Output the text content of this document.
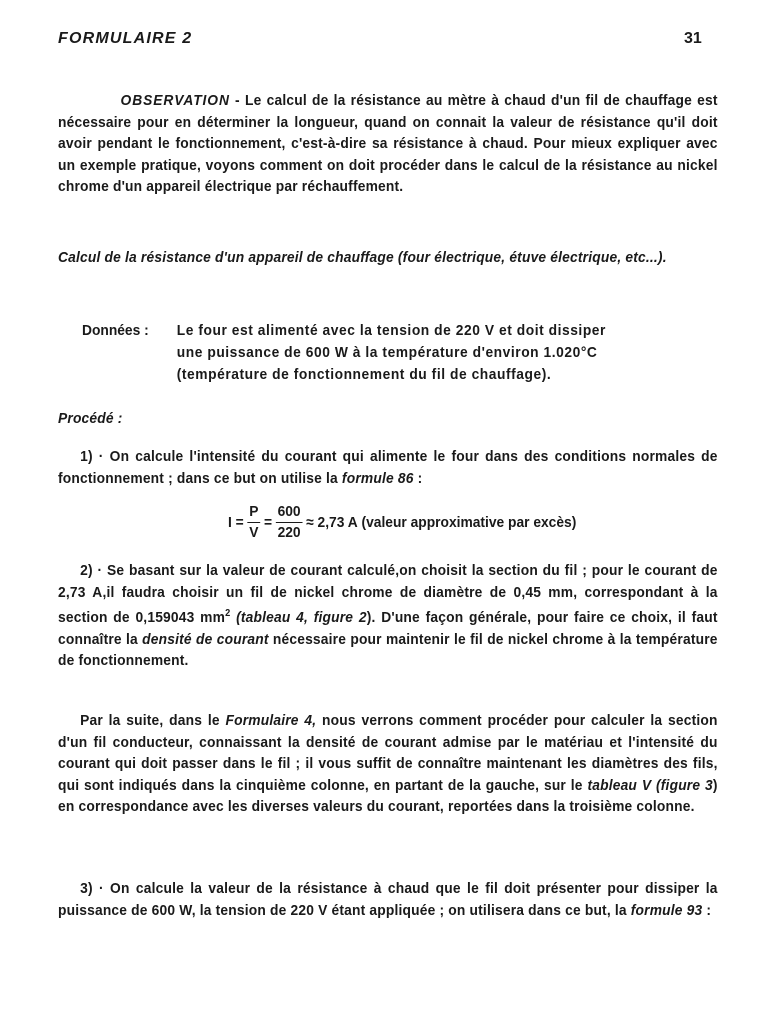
FORMULAIRE 2	31
OBSERVATION - Le calcul de la résistance au mètre à chaud d'un fil de chauffage est nécessaire pour en déterminer la longueur, quand on connait la valeur de résistance qu'il doit avoir pendant le fonctionnement, c'est-à-dire sa résistance à chaud. Pour mieux expliquer avec un exemple pratique, voyons comment on doit procéder dans le calcul de la résistance au nickel chrome d'un appareil électrique par réchauffement.
Calcul de la résistance d'un appareil de chauffage (four électrique, étuve électrique, etc...).
Données :	Le four est alimenté avec la tension de 220 V et doit dissiper
une puissance de 600 W à la température d'environ 1.020°C
(température de fonctionnement du fil de chauffage).
Procédé :
1) · On calcule l'intensité du courant qui alimente le four dans des conditions normales de fonctionnement ; dans ce but on utilise la formule 86 :
$I = \frac{P}{V} = \frac{600}{220} \approx 2,73$ A
(valeur approximative par excès)
2) · Se basant sur la valeur de courant calculé,on choisit la section du fil ; pour le courant de 2,73 A,il faudra choisir un fil de nickel chrome de diamètre de 0,45 mm, correspondant à la section de 0,159043 $mm^2$ (tableau 4, figure 2). D'une façon générale, pour faire ce choix, il faut connaître la densité de courant nécessaire pour maintenir le fil de nickel chrome à la température de fonctionnement.
Par la suite, dans le Formulaire 4, nous verrons comment procéder pour calculer la section d'un fil conducteur, connaissant la densité de courant admise par le matériau et l'intensité du courant qui doit passer dans le fil ; il vous suffit de connaître maintenant les diamètres des fils, qui sont indiqués dans la cinquième colonne, en partant de la gauche, sur le tableau V (figure 3) en correspondance avec les diverses valeurs du courant, reportées dans la troisième colonne.
3) · On calcule la valeur de la résistance à chaud que le fil doit présenter pour dissiper la puissance de 600 W, la tension de 220 V étant appliquée ; on utilisera dans ce but, la formule 93 :
